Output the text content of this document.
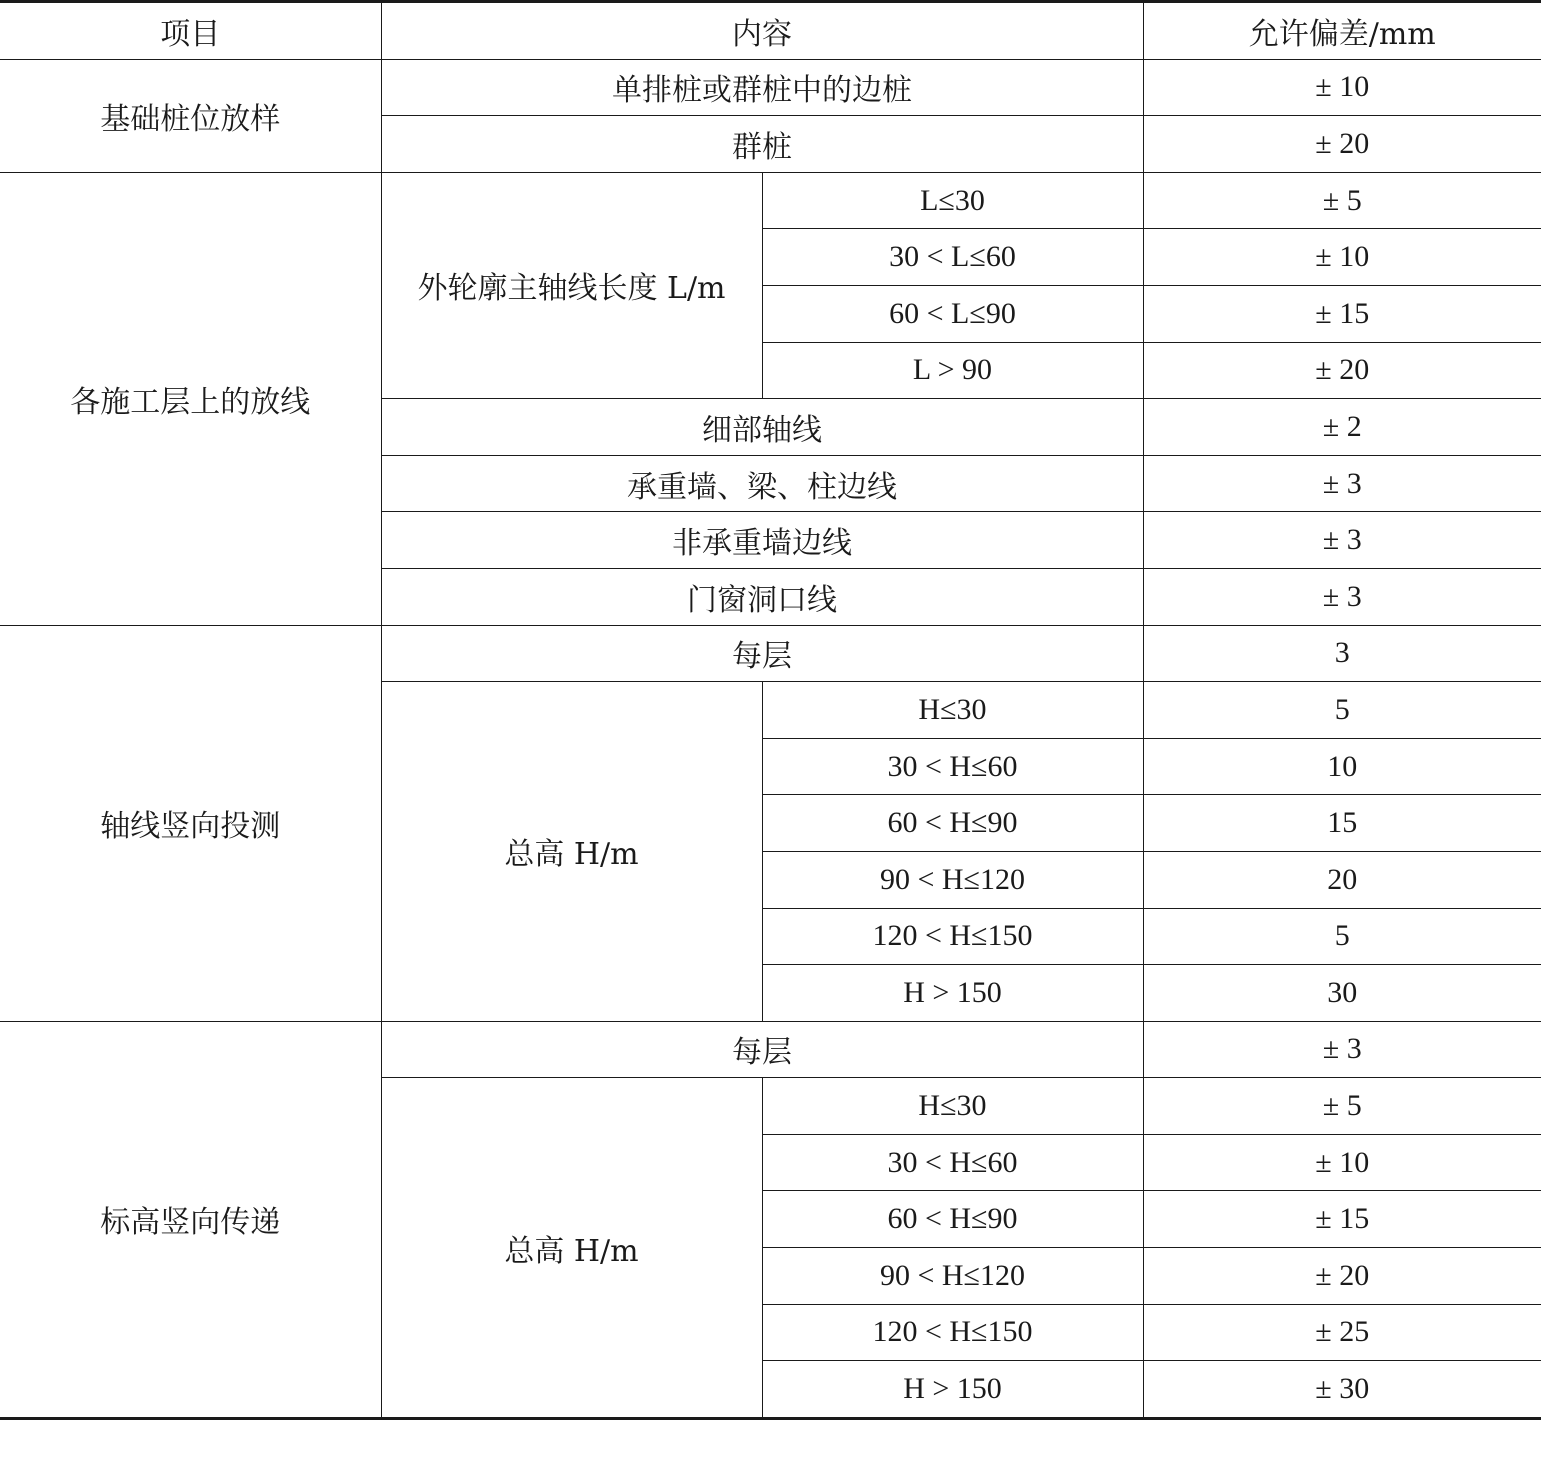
项目	内容		允许偏差/mm
基础桩位放样	单排桩或群桩中的边桩		± 10
	群桩		± 20
各施工层上的放线	外轮廓主轴线长度 L/m	L≤30	± 5
		30 < L≤60	± 10
		60 < L≤90	± 15
		L > 90	± 20
	细部轴线		± 2
	承重墙、梁、柱边线		± 3
	非承重墙边线		± 3
	门窗洞口线		± 3
轴线竖向投测	每层		3
	总高 H/m	H≤30	5
		30 < H≤60	10
		60 < H≤90	15
		90 < H≤120	20
		120 < H≤150	5
		H > 150	30
标高竖向传递	每层		± 3
	总高 H/m	H≤30	± 5
		30 < H≤60	± 10
		60 < H≤90	± 15
		90 < H≤120	± 20
		120 < H≤150	± 25
		H > 150	± 30
